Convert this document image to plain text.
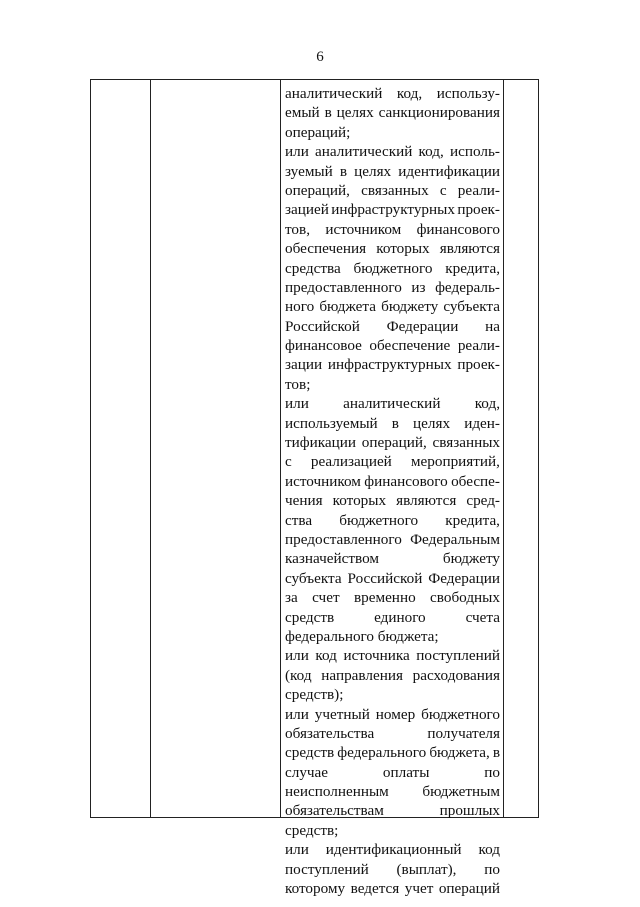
6
аналитический код, использу-
емый в целях санкционирования
операций;
или аналитический код, исполь-
зуемый в целях идентификации
операций, связанных с реали-
зацией инфраструктурных проек-
тов, источником финансового
обеспечения которых являются
средства бюджетного кредита,
предоставленного из федераль-
ного бюджета бюджету субъекта
Российской Федерации на
финансовое обеспечение реали-
зации инфраструктурных проек-
тов;
или аналитический код,
используемый в целях иден-
тификации операций, связанных
с реализацией мероприятий,
источником финансового обеспе-
чения которых являются сред-
ства бюджетного кредита,
предоставленного Федеральным
казначейством	бюджету
субъекта Российской Федерации
за счет временно свободных
средств	единого	счета
федерального бюджета;
или код источника поступлений
(код направления расходования
средств);
или учетный номер бюджетного
обязательства	получателя
средств федерального бюджета, в
случае	оплаты	по
неисполненным бюджетным
обязательствам	прошлых
средств;
или идентификационный код
поступлений (выплат), по
которому ведется учет операций
